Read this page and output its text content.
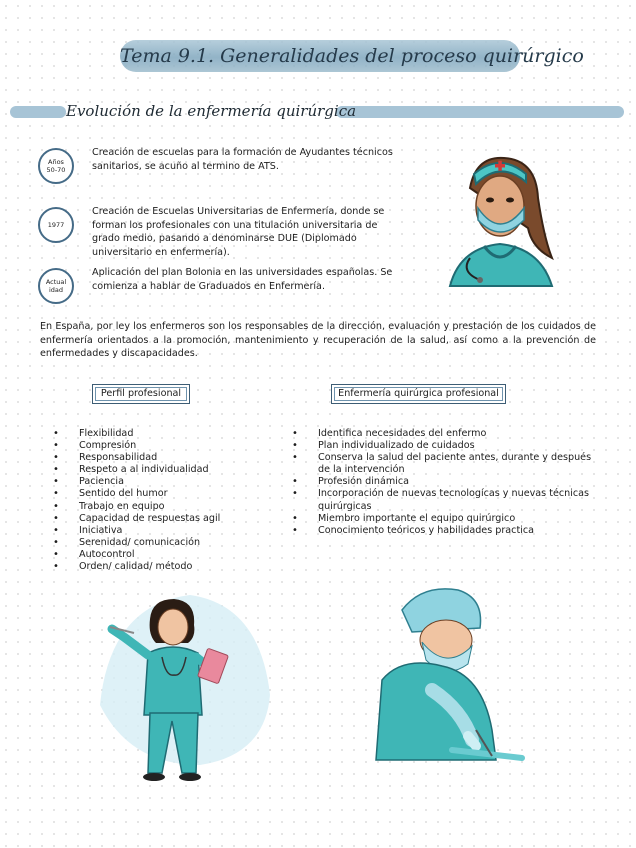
Tema 9.1. Generalidades del proceso quirúrgico
Evolución de la enfermería quirúrgica
Años
50-70
Creación de escuelas para la formación de Ayudantes técnicos sanitarios, se acuño al termino de ATS.
1977
Creación de Escuelas Universitarias de Enfermería, donde se forman los profesionales con una titulación universitaria de grado medio, pasando a denominarse DUE (Diplomado universitario en enfermería).
Actual
idad
Aplicación del plan Bolonia en las universidades españolas. Se comienza a hablar de Graduados en Enfermería.
En España, por ley los enfermeros son los responsables de la dirección, evaluación y prestación de los cuidados de enfermería orientados a la promoción, mantenimiento y recuperación de la salud, así como a la prevención de enfermedades y discapacidades.
Perfil profesional	Enfermería quirúrgica profesional
• Flexibilidad
• Compresión
• Responsabilidad
• Respeto a al individualidad
• Paciencia
• Sentido del humor
• Trabajo en equipo
• Capacidad de respuestas agil
• Iniciativa
• Serenidad/ comunicación
• Autocontrol
• Orden/ calidad/ método
• Identifica necesidades del enfermo
• Plan individualizado de cuidados
• Conserva la salud del paciente antes, durante y después de la intervención
• Profesión dinámica
• Incorporación de nuevas tecnologícas y nuevas técnicas quirúrgicas
• Miembro importante el equipo quirúrgico
• Conocimiento teóricos y habilidades practica
